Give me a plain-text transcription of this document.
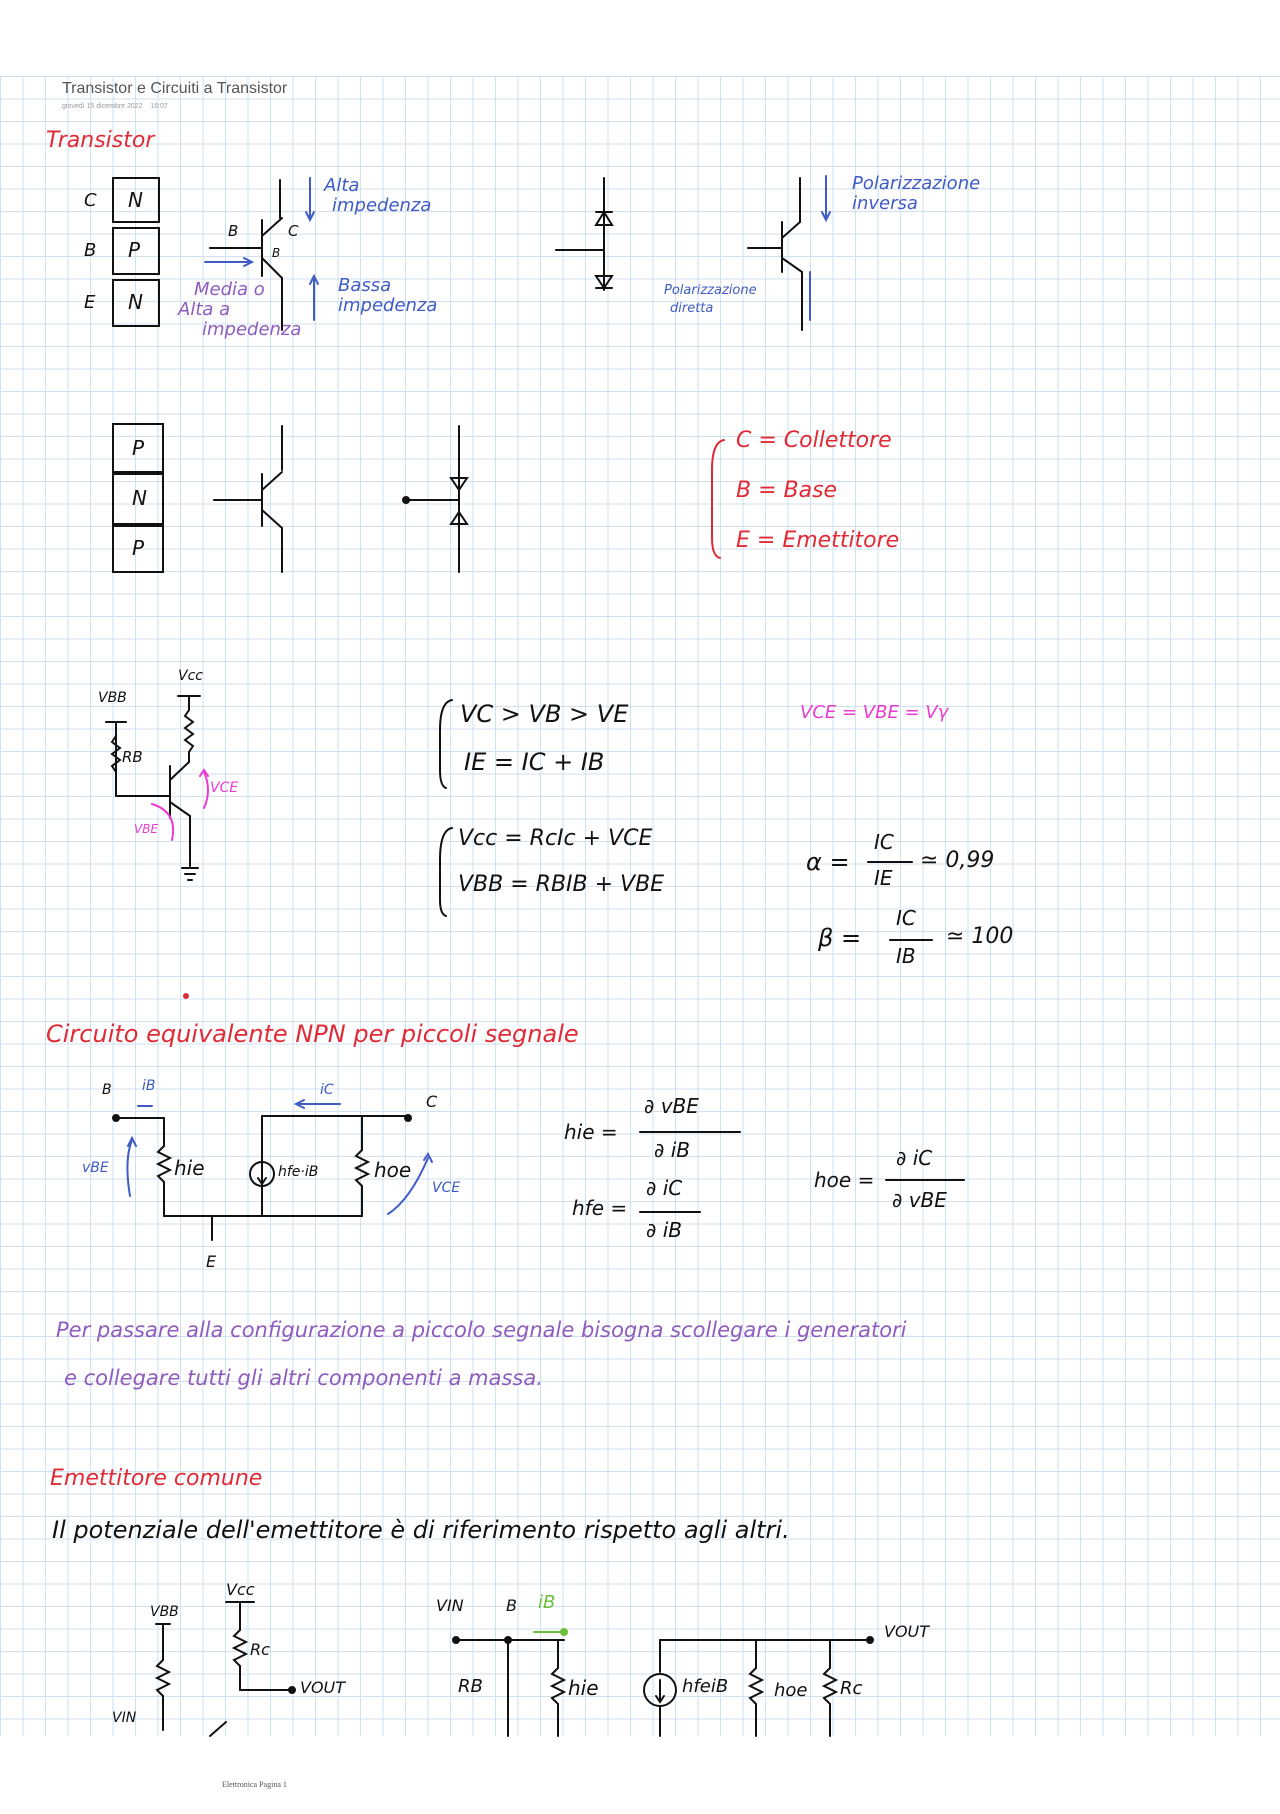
Transistor e Circuiti a Transistor
giovedì 15 dicembre 2022 16:07
Transistor
N
P
N
C
B
E
B	C
B
Alta
impedenza
Media o
Alta a
impedenza
Bassa
impedenza
Polarizzazione
inversa
Polarizzazione
diretta
P
N
P
C = Collettore
B = Base
E = Emettitore
Vcc
VBB
RB
VCE
VBE
VC > VB > VE
IE = IC + IB
Vcc = RcIc + VCE
VBB = RBIB + VBE
VCE = VBE = Vγ
α =
IC
IE
≃ 0,99
β =
IC
IB
≃ 100
Circuito equivalente NPN per piccoli segnale
B iB	iC
C
E
vBE	hie	hfe·iB	hoe
VCE
hie =
∂ vBE
∂ iB
hfe =
∂ iC
∂ iB
hoe =
∂ iC
∂ vBE
Per passare alla configurazione a piccolo segnale bisogna scollegare i generatori
e collegare tutti gli altri componenti a massa.
Emettitore comune
Il potenziale dell'emettitore è di riferimento rispetto agli altri.
Vcc
VBB
Rc
VOUT
VIN
VIN	B iB
RB	hie	hfeiB	hoe Rc
VOUT
Elettronica Pagina 1
